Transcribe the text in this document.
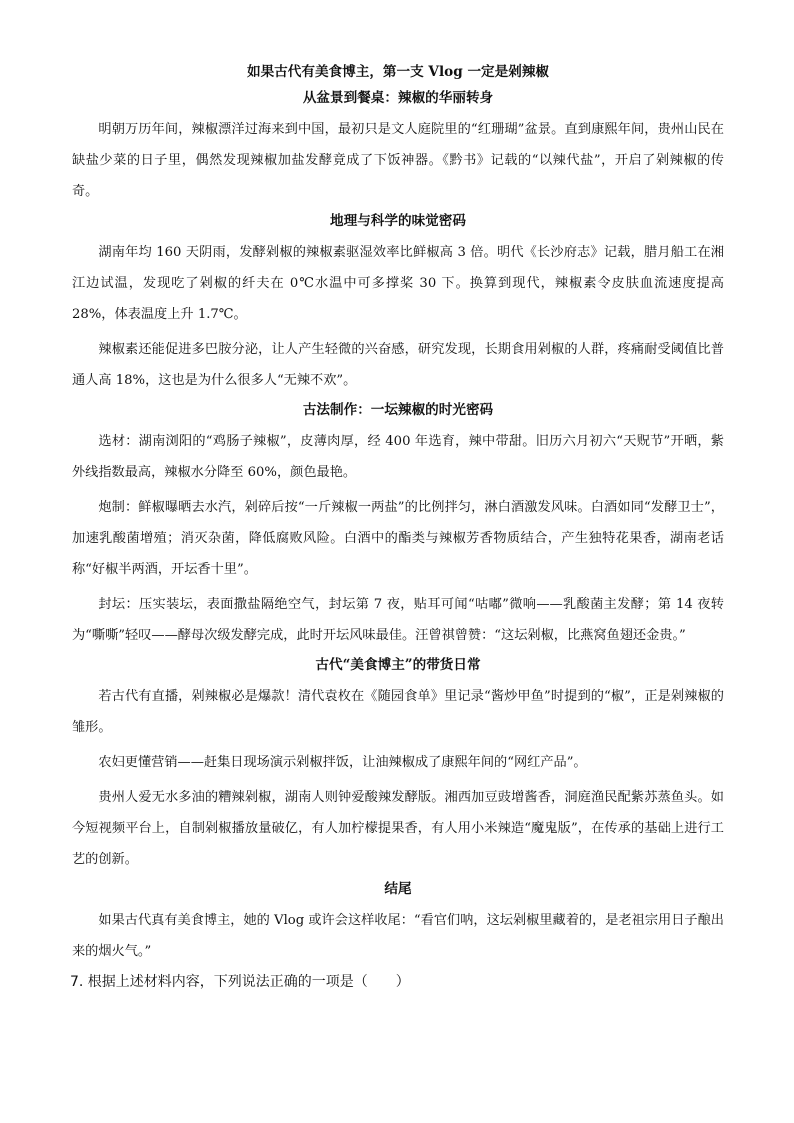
如果古代有美食博主，第一支 Vlog 一定是剁辣椒
从盆景到餐桌：辣椒的华丽转身

明朝万历年间，辣椒漂洋过海来到中国，最初只是文人庭院里的“红珊瑚”盆景。直到康熙年间，贵州山民在缺盐少菜的日子里，偶然发现辣椒加盐发酵竟成了下饭神器。《黔书》记载的“以辣代盐”，开启了剁辣椒的传奇。

地理与科学的味觉密码

湖南年均 160 天阴雨，发酵剁椒的辣椒素驱湿效率比鲜椒高 3 倍。明代《长沙府志》记载，腊月船工在湘江边试温，发现吃了剁椒的纤夫在 0℃水温中可多撑桨 30 下。换算到现代，辣椒素令皮肤血流速度提高 28%，体表温度上升 1.7℃。

辣椒素还能促进多巴胺分泌，让人产生轻微的兴奋感，研究发现，长期食用剁椒的人群，疼痛耐受阈值比普通人高 18%，这也是为什么很多人“无辣不欢”。

古法制作：一坛辣椒的时光密码

选材：湖南浏阳的“鸡肠子辣椒”，皮薄肉厚，经 400 年选育，辣中带甜。旧历六月初六“天贶节”开晒，紫外线指数最高，辣椒水分降至 60%，颜色最艳。

炮制：鲜椒曝晒去水汽，剁碎后按“一斤辣椒一两盐”的比例拌匀，淋白酒激发风味。白酒如同“发酵卫士”，加速乳酸菌增殖；消灭杂菌，降低腐败风险。白酒中的酯类与辣椒芳香物质结合，产生独特花果香，湖南老话称“好椒半两酒，开坛香十里”。

封坛：压实装坛，表面撒盐隔绝空气，封坛第 7 夜，贴耳可闻“咕嘟”微响——乳酸菌主发酵；第 14 夜转为“嘶嘶”轻叹——酵母次级发酵完成，此时开坛风味最佳。汪曾祺曾赞：“这坛剁椒，比燕窝鱼翅还金贵。”

古代“美食博主”的带货日常

若古代有直播，剁辣椒必是爆款！清代袁枚在《随园食单》里记录“酱炒甲鱼”时提到的“椒”，正是剁辣椒的雏形。

农妇更懂营销——赶集日现场演示剁椒拌饭，让油辣椒成了康熙年间的“网红产品”。

贵州人爱无水多油的糟辣剁椒，湖南人则钟爱酸辣发酵版。湘西加豆豉增酱香，洞庭渔民配紫苏蒸鱼头。如今短视频平台上，自制剁椒播放量破亿，有人加柠檬提果香，有人用小米辣造“魔鬼版”，在传承的基础上进行工艺的创新。

结尾

如果古代真有美食博主，她的 Vlog 或许会这样收尾：“看官们呐，这坛剁椒里藏着的，是老祖宗用日子酿出来的烟火气。”

7. 根据上述材料内容，下列说法正确的一项是（　　）
